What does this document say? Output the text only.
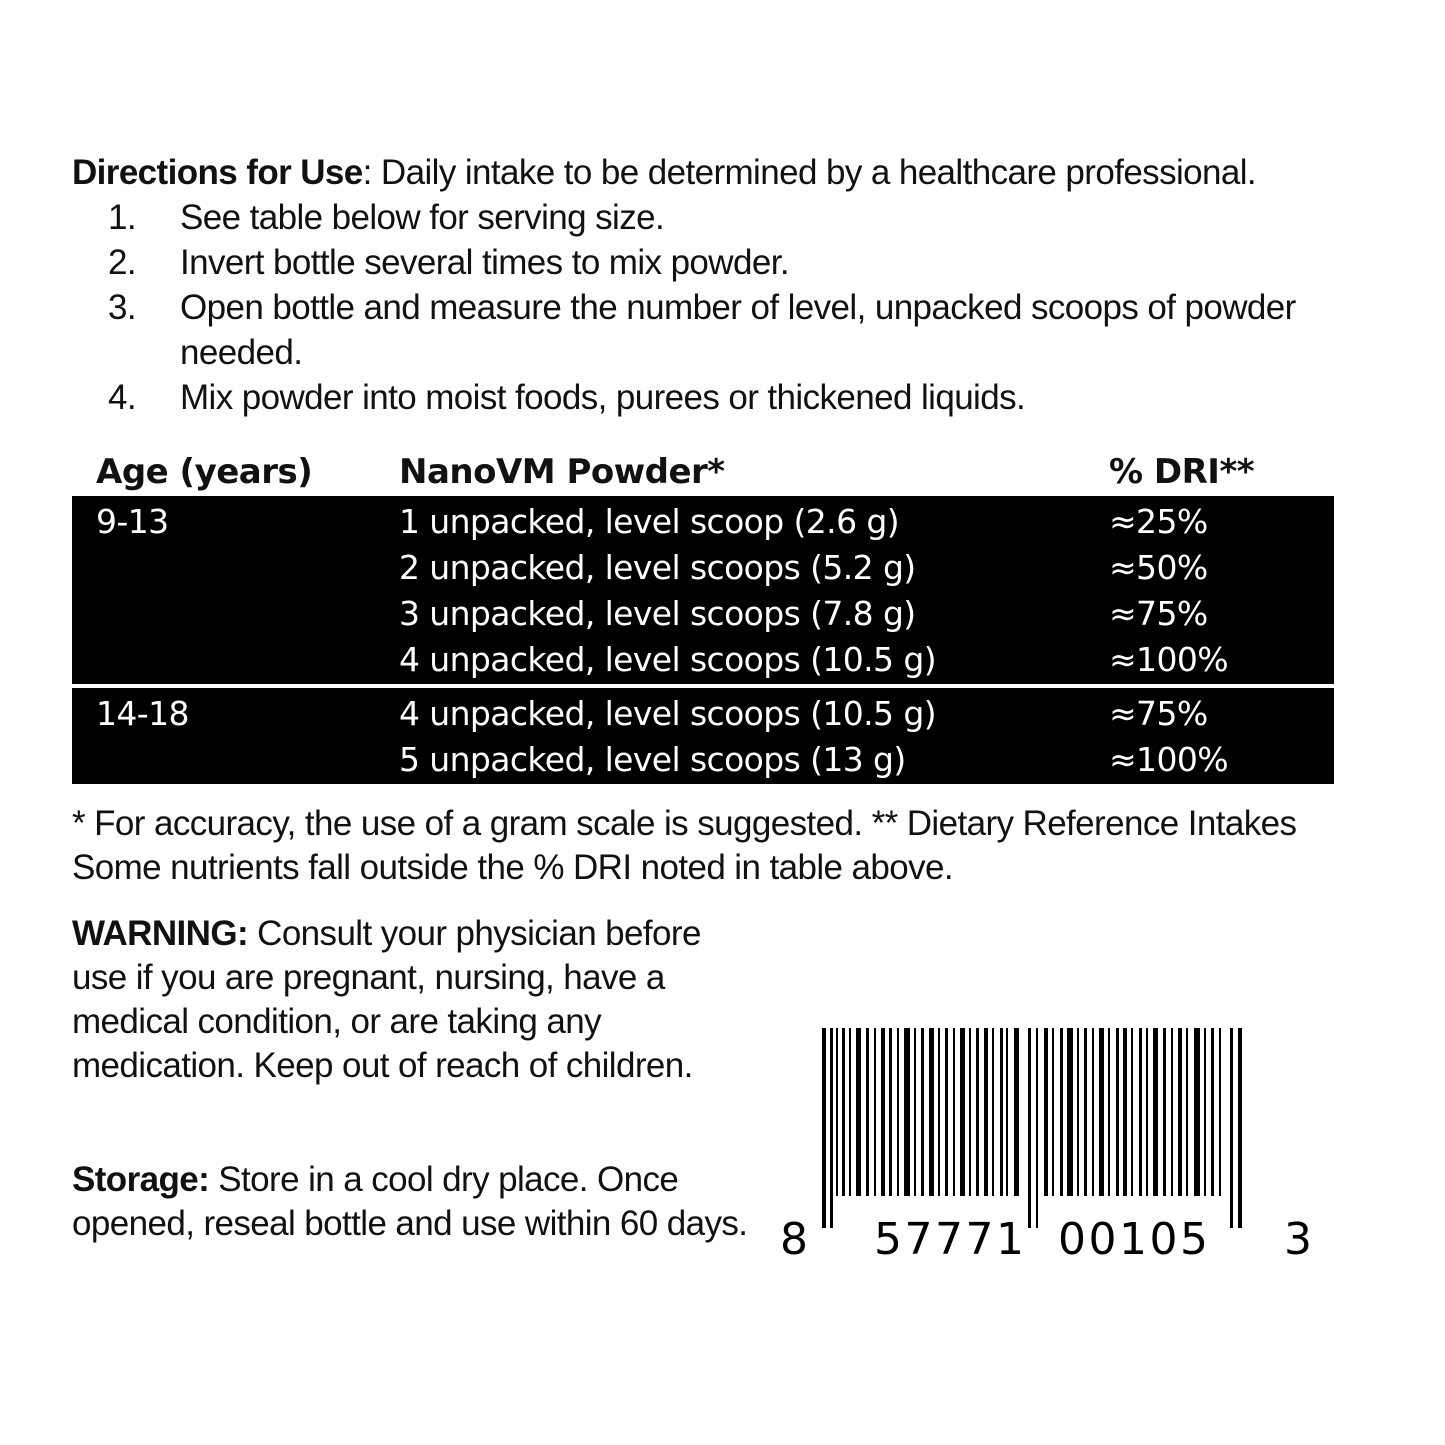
Directions for Use: Daily intake to be determined by a healthcare professional.
1.	See table below for serving size.
2.	Invert bottle several times to mix powder.
3.	Open bottle and measure the number of level, unpacked scoops of powder needed.
4.	Mix powder into moist foods, purees or thickened liquids.
Age (years)	NanoVM Powder*	% DRI**
9-13	1 unpacked, level scoop (2.6 g)	≈25%
2 unpacked, level scoops (5.2 g)	≈50%
3 unpacked, level scoops (7.8 g)	≈75%
4 unpacked, level scoops (10.5 g)	≈100%
14-18	4 unpacked, level scoops (10.5 g)	≈75%
5 unpacked, level scoops (13 g)	≈100%
* For accuracy, the use of a gram scale is suggested. ** Dietary Reference Intakes Some nutrients fall outside the % DRI noted in table above.
WARNING: Consult your physician before use if you are pregnant, nursing, have a medical condition, or are taking any medication. Keep out of reach of children.
Storage: Store in a cool dry place. Once opened, reseal bottle and use within 60 days. 8 57771 00105 3
